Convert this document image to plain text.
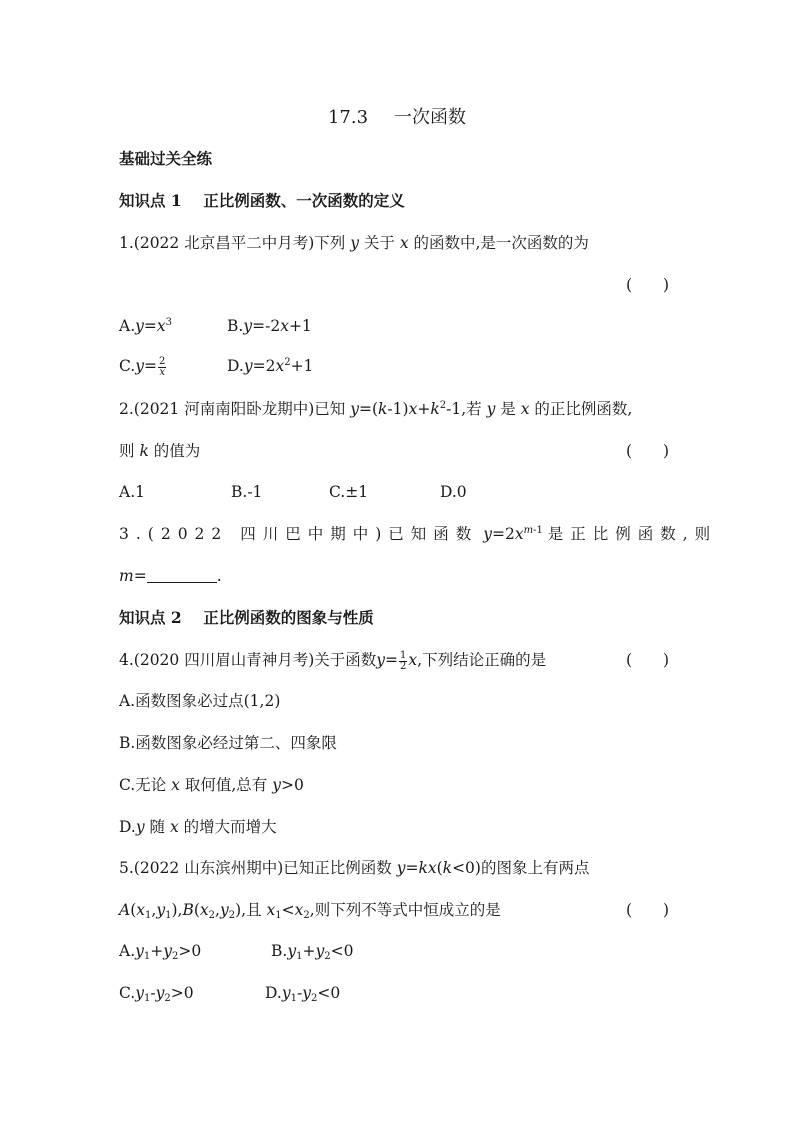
17.3 一次函数
基础过关全练
知识点 1 正比例函数、一次函数的定义
1.(2022 北京昌平二中月考)下列 y 关于 x 的函数中,是一次函数的为
(　　)
$A.y=x^3$	B.y=-2x+1
$C.y= \frac{2}{x}$	$D.y=2x^2+1$
2.(2021 河南南阳卧龙期中)已知 $y=(k-1)x+k^2-1$,若 y 是 x 的正比例函数,
则 k 的值为	(　　)
A.1	B.-1	C.±1	D.0
3.(2022 四川巴中期中)已知函数 $y=2x^{m-1}$ 是正比例函数,则
m=	.
知识点 2 正比例函数的图象与性质
4.(2020 四川眉山青神月考)关于函数$y= \frac{1}{2} x$,下列结论正确的是	(　　)
A.函数图象必过点(1,2)
B.函数图象必经过第二、四象限
C.无论 x 取何值,总有 y>0
D.y 随 x 的增大而增大
5.(2022 山东滨州期中)已知正比例函数 y=kx(k<0)的图象上有两点
$A(x_1,y_1),B(x_2,y_2)$,且 $x_1<x_2$,则下列不等式中恒成立的是	(　　)
$A.y_1+y_2>0$	$B.y_1+y_2<0$
$C.y_1-y_2>0$	$D.y_1-y_2<0$
